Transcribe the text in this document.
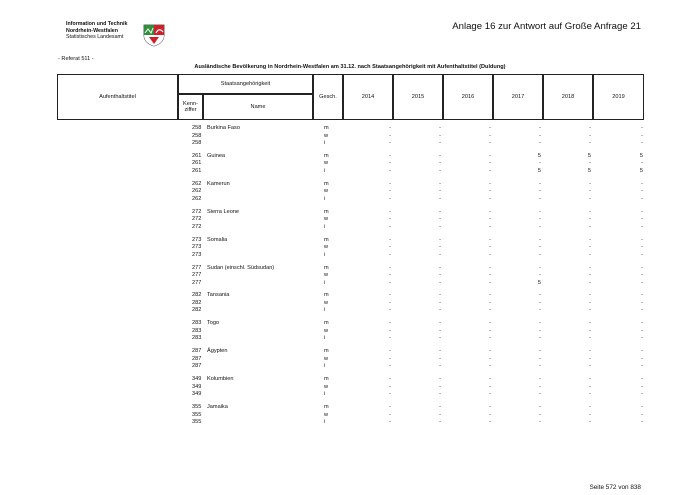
Information und Technik
Nordrhein-Westfalen
Statistisches Landesamt
Anlage 16 zur Antwort auf Große Anfrage 21
- Referat 511 -
Ausländische Bevölkerung in Nordrhein-Westfalen am 31.12. nach Staatsangehörigkeit mit Aufenthaltstitel (Duldung)
Aufenthaltstitel
Staatsangehörigkeit
Kenn-
ziffer
Name
Gesch.	2014	2015	2016	2017	2018	2019
258 Burkina Faso	m	-	-	-	-	-	-
258	w	-	-	-	-	-	-
258	i	-	-	-	-	-	-
261 Guinea	m	-	-	-	5	5	5
261	w	-	-	-	-	-	-
261	i	-	-	-	5	5	5
262 Kamerun	m	-	-	-	-	-	-
262	w	-	-	-	-	-	-
262	i	-	-	-	-	-	-
272 Sierra Leone	m	-	-	-	-	-	-
272	w	-	-	-	-	-	-
272	i	-	-	-	-	-	-
273 Somalia	m	-	-	-	-	-	-
273	w	-	-	-	-	-	-
273	i	-	-	-	-	-	-
277 Sudan (einschl. Südsudan)	m	-	-	-	-	-	-
277	w	-	-	-	-	-	-
277	i	-	-	-	5	-	-
282 Tansania	m	-	-	-	-	-	-
282	w	-	-	-	-	-	-
282	i	-	-	-	-	-	-
283 Togo	m	-	-	-	-	-	-
283	w	-	-	-	-	-	-
283	i	-	-	-	-	-	-
287 Ägypten	m	-	-	-	-	-	-
287	w	-	-	-	-	-	-
287	i	-	-	-	-	-	-
349 Kolumbien	m	-	-	-	-	-	-
349	w	-	-	-	-	-	-
349	i	-	-	-	-	-	-
355 Jamaika	m	-	-	-	-	-	-
355	w	-	-	-	-	-	-
355	i	-	-	-	-	-	-
Seite 572 von 838
